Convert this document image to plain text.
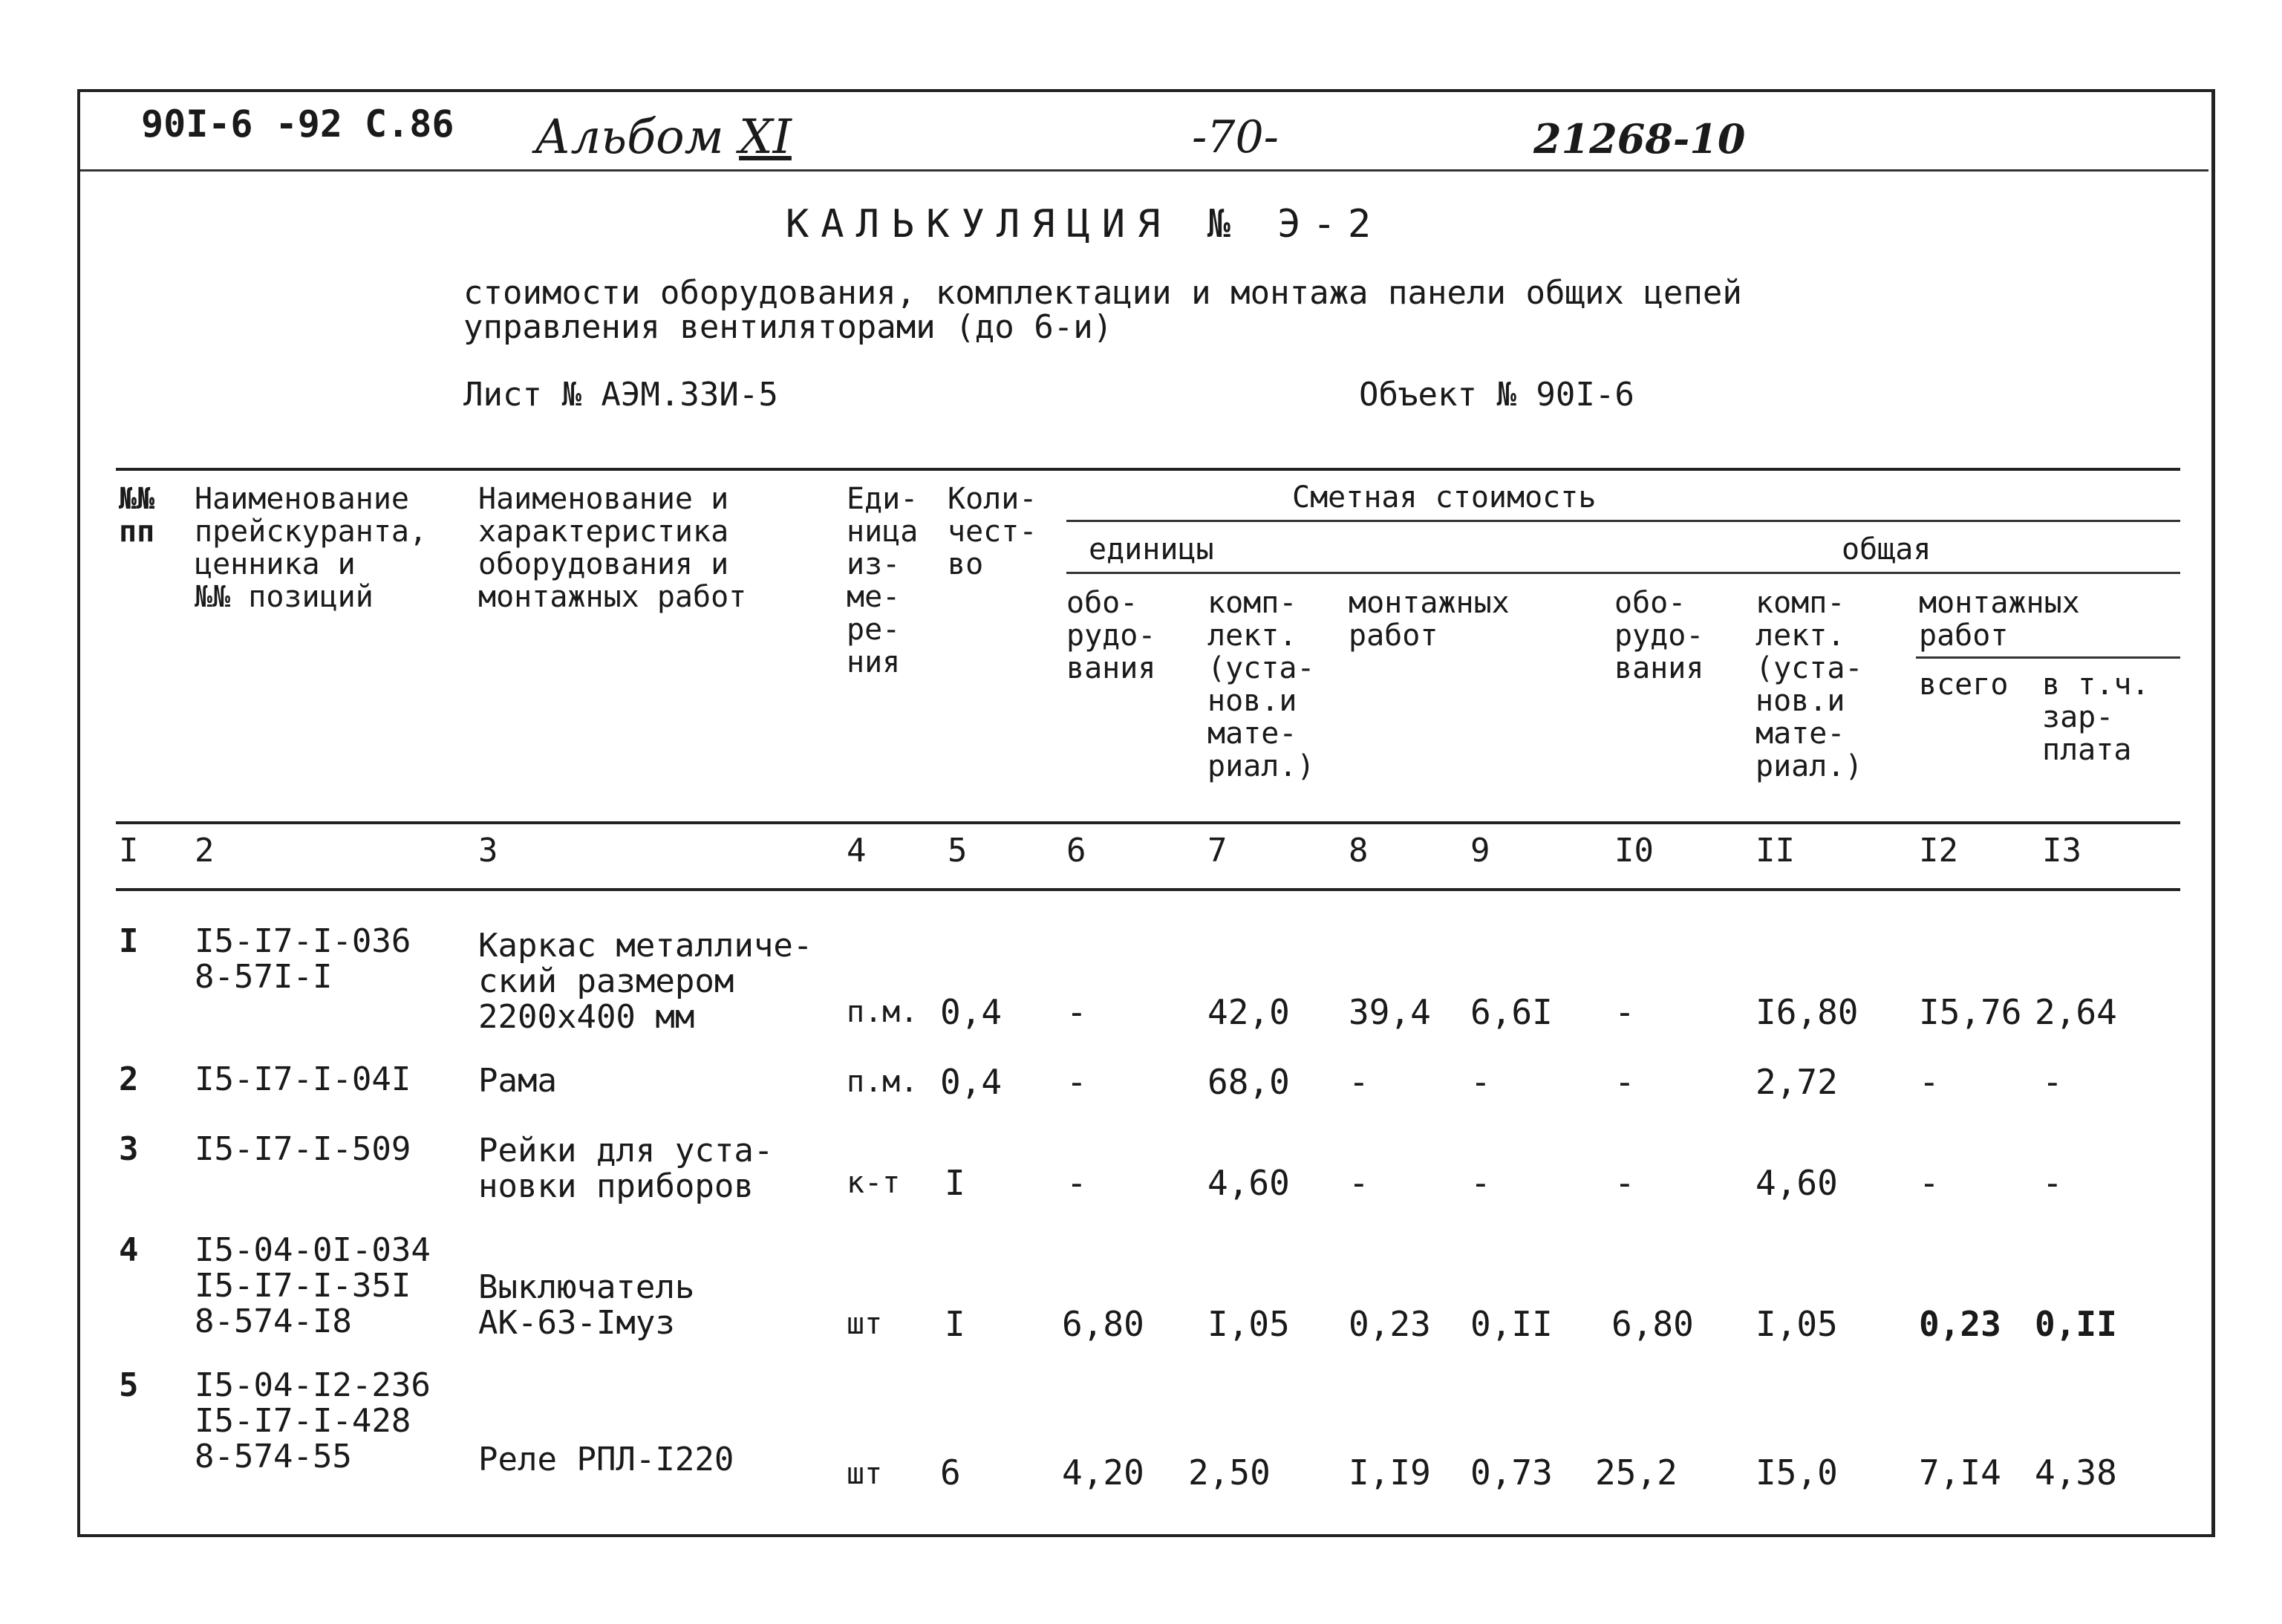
90I-6 -92 С.86 Альбом XI	-70-	21268-10
КАЛЬКУЛЯЦИЯ № Э-2
стоимости оборудования, комплектации и монтажа панели общих цепей управления вентиляторами (до 6-и)
Лист № АЭМ.33И-5	Объект № 90I-6
№№
пп
Наименование
прейскуранта,
ценника и
№№ позиций
Наименование и
характеристика
оборудования и
монтажных работ
Еди-
ница
из-
ме-
ре-
ния
Коли-
чест-
во
Сметная стоимость
единицы	общая
обо-
рудо-
вания
комп-
лект.
(уста-
нов.и
мате-
риал.)
монтажных
работ
обо-
рудо-
вания
комп-
лект.
(уста-
нов.и
мате-
риал.)
монтажных
работ
всего в т.ч.
зар-
плата
I 2	3	4 5	6	7	8	9	I0	II	I2	I3
I I5-I7-I-036
8-57I-I
Каркас металличе-
ский размером
2200х400 мм	п.м. 0,4 -	42,0 39,4 6,6I -	I6,80 I5,76 2,64
2 I5-I7-I-04I Рама	п.м. 0,4 -	68,0 -	-	-	2,72 -	-
3 I5-I7-I-509 Рейки для уста-
новки приборов	к-т I	-	4,60 -	-	-	4,60 -	-
4 I5-04-0I-034
I5-I7-I-35I
8-574-I8
Выключатель
АК-63-Iмуз	шт I	6,80 I,05 0,23 0,II 6,80 I,05 0,23 0,II
5 I5-04-I2-236
I5-I7-I-428
8-574-55	Реле РПЛ-I220	шт 6	4,20 2,50 I,I9 0,73 25,2 I5,0 7,I4 4,38
